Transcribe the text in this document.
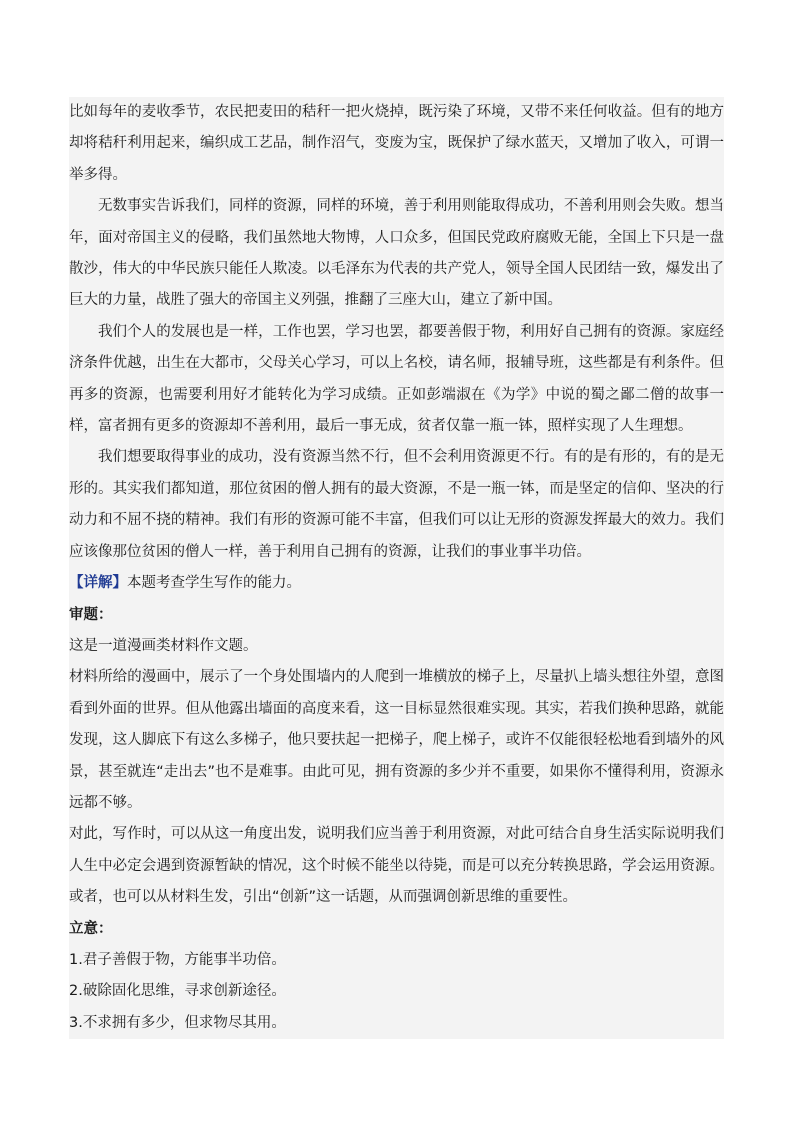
比如每年的麦收季节，农民把麦田的秸秆一把火烧掉，既污染了环境，又带不来任何收益。但有的地方却将秸秆利用起来，编织成工艺品，制作沼气，变废为宝，既保护了绿水蓝天，又增加了收入，可谓一举多得。

无数事实告诉我们，同样的资源，同样的环境，善于利用则能取得成功，不善利用则会失败。想当年，面对帝国主义的侵略，我们虽然地大物博，人口众多，但国民党政府腐败无能，全国上下只是一盘散沙，伟大的中华民族只能任人欺凌。以毛泽东为代表的共产党人，领导全国人民团结一致，爆发出了巨大的力量，战胜了强大的帝国主义列强，推翻了三座大山，建立了新中国。

我们个人的发展也是一样，工作也罢，学习也罢，都要善假于物，利用好自己拥有的资源。家庭经济条件优越，出生在大都市，父母关心学习，可以上名校，请名师，报辅导班，这些都是有利条件。但再多的资源，也需要利用好才能转化为学习成绩。正如彭端淑在《为学》中说的蜀之鄙二僧的故事一样，富者拥有更多的资源却不善利用，最后一事无成，贫者仅靠一瓶一钵，照样实现了人生理想。

我们想要取得事业的成功，没有资源当然不行，但不会利用资源更不行。有的是有形的，有的是无形的。其实我们都知道，那位贫困的僧人拥有的最大资源，不是一瓶一钵，而是坚定的信仰、坚决的行动力和不屈不挠的精神。我们有形的资源可能不丰富，但我们可以让无形的资源发挥最大的效力。我们应该像那位贫困的僧人一样，善于利用自己拥有的资源，让我们的事业事半功倍。

【详解】本题考查学生写作的能力。

审题：

这是一道漫画类材料作文题。

材料所给的漫画中，展示了一个身处围墙内的人爬到一堆横放的梯子上，尽量扒上墙头想往外望，意图看到外面的世界。但从他露出墙面的高度来看，这一目标显然很难实现。其实，若我们换种思路，就能发现，这人脚底下有这么多梯子，他只要扶起一把梯子，爬上梯子，或许不仅能很轻松地看到墙外的风景，甚至就连“走出去”也不是难事。由此可见，拥有资源的多少并不重要，如果你不懂得利用，资源永远都不够。

对此，写作时，可以从这一角度出发，说明我们应当善于利用资源，对此可结合自身生活实际说明我们人生中必定会遇到资源暂缺的情况，这个时候不能坐以待毙，而是可以充分转换思路，学会运用资源。或者，也可以从材料生发，引出“创新”这一话题，从而强调创新思维的重要性。

立意：

1.君子善假于物，方能事半功倍。

2.破除固化思维，寻求创新途径。

3.不求拥有多少，但求物尽其用。
